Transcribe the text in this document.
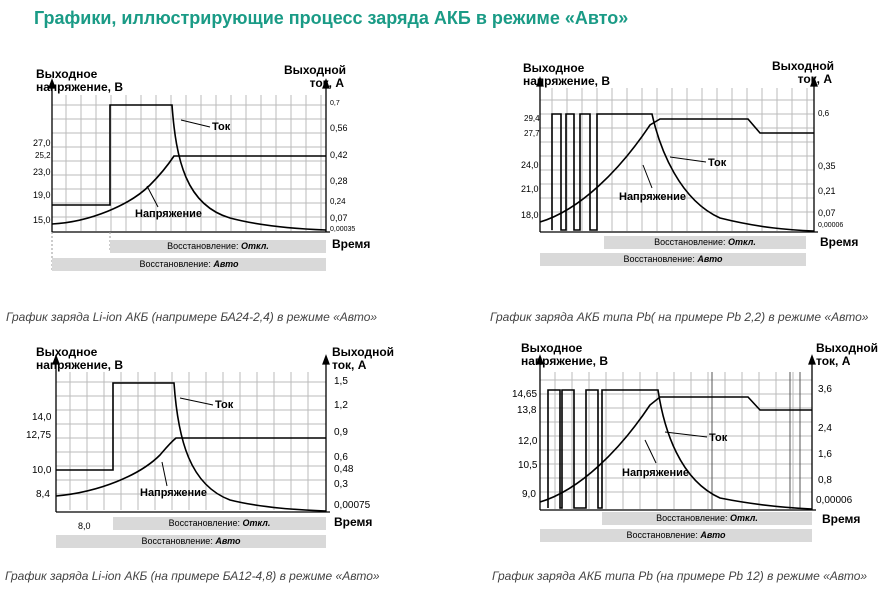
Графики, иллюстрирующие процесс заряда АКБ в режиме «Авто»
Выходное
напряжение, В
Выходной
ток, А
27,0
25,2
23,0
19,0
15,0
0,7
0,56
0,42
0,28
0,24
0,07
0,00035
Ток
Напряжение
Время
Восстановление: Откл.
Восстановление: Авто
График заряда Li-ion АКБ (напримере БА24-2,4) в режиме «Авто»
Выходное
напряжение, В
Выходной
ток, А
29,4
27,7
24,0
21,0
18,0
0,6
0,35
0,21
0,07
0,00006
Ток
Напряжение
Время
Восстановление: Откл.
Восстановление: Авто
График заряда АКБ типа Pb( на примере Pb 2,2) в режиме «Авто»
Выходное
напряжение, В
Выходной
ток, А
14,0
12,75
10,0
8,4
1,5
1,2
0,9
0,6
0,48
0,3
0,00075
8,0
Ток
Напряжение
Время
Восстановление: Откл.
Восстановление: Авто
График заряда Li-ion АКБ (на примере БА12-4,8) в режиме «Авто»
Выходное
напряжение, В
Выходной
ток, А
14,65
13,8
12,0
10,5
9,0
3,6
2,4
1,6
0,8
0,00006
Ток
Напряжение
Время
Восстановление: Откл.
Восстановление: Авто
График заряда АКБ типа Pb (на примере Pb 12) в режиме «Авто»
